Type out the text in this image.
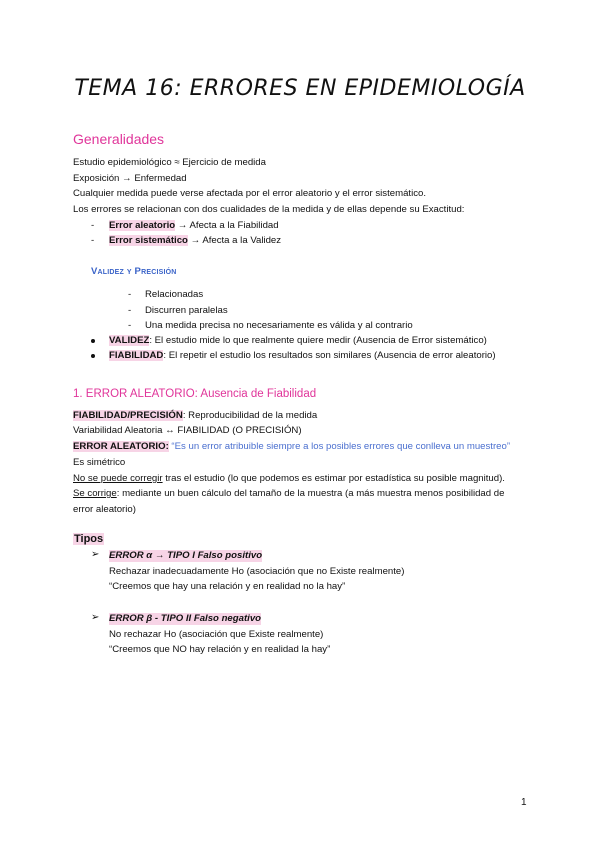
TEMA 16: ERRORES EN EPIDEMIOLOGÍA
Generalidades
Estudio epidemiológico ≈ Ejercicio de medida
Exposición → Enfermedad
Cualquier medida puede verse afectada por el error aleatorio y el error sistemático.
Los errores se relacionan con dos cualidades de la medida y de ellas depende su Exactitud:
- Error aleatorio → Afecta a la Fiabilidad
- Error sistemático → Afecta a la Validez
Validez y Precisión
- Relacionadas
- Discurren paralelas
- Una medida precisa no necesariamente es válida y al contrario
VALIDEZ: El estudio mide lo que realmente quiere medir (Ausencia de Error sistemático)
FIABILIDAD: El repetir el estudio los resultados son similares (Ausencia de error aleatorio)
1. ERROR ALEATORIO: Ausencia de Fiabilidad
FIABILIDAD/PRECISIÓN: Reproducibilidad de la medida
Variabilidad Aleatoria ↔ FIABILIDAD (O PRECISIÓN)
ERROR ALEATORIO: “Es un error atribuible siempre a los posibles errores que conlleva un muestreo”
Es simétrico
No se puede corregir tras el estudio (lo que podemos es estimar por estadística su posible magnitud).
Se corrige: mediante un buen cálculo del tamaño de la muestra (a más muestra menos posibilidad de
error aleatorio)
Tipos
➢ ERROR α → TIPO I Falso positivo
Rechazar inadecuadamente Ho (asociación que no Existe realmente)
“Creemos que hay una relación y en realidad no la hay”
➢ ERROR β - TIPO II Falso negativo
No rechazar Ho (asociación que Existe realmente)
“Creemos que NO hay relación y en realidad la hay”
1
